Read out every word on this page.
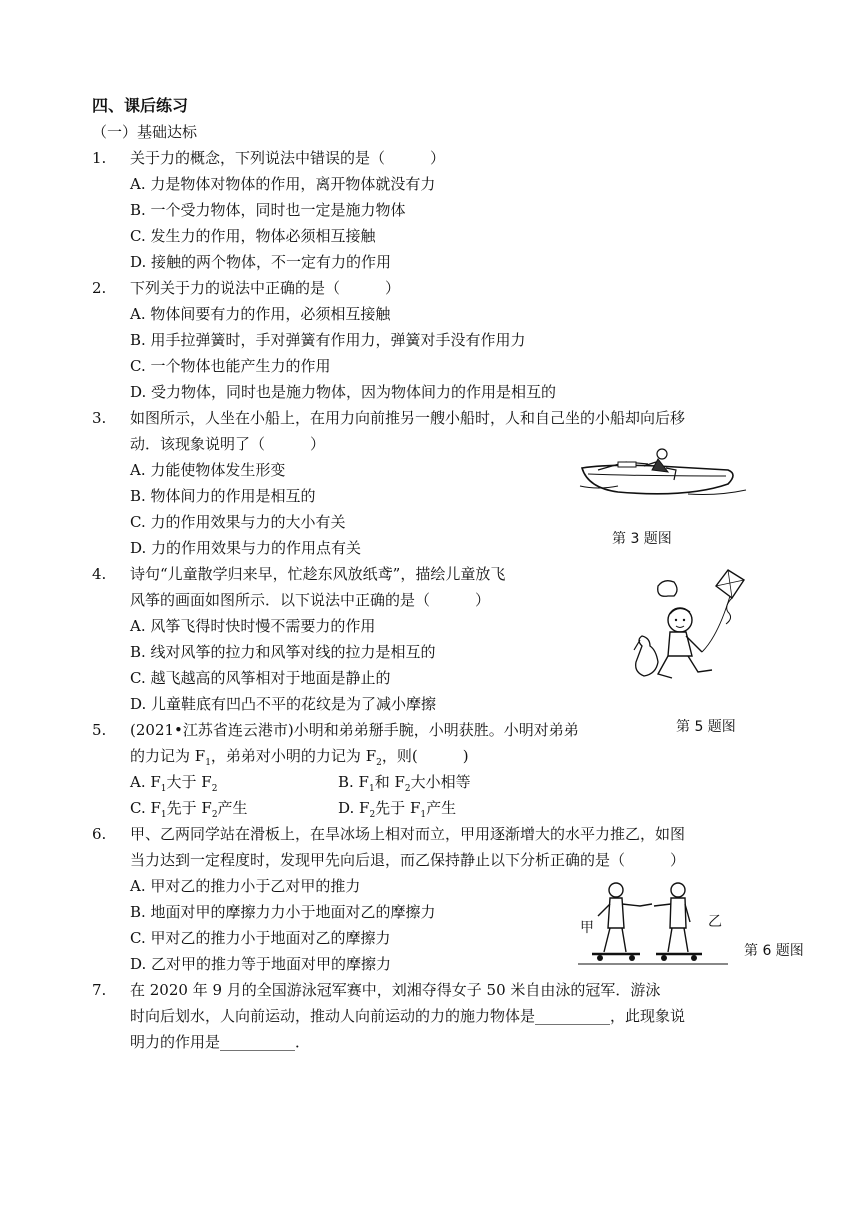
四、课后练习
（一）基础达标
1. 关于力的概念，下列说法中错误的是（　　　）
A. 力是物体对物体的作用，离开物体就没有力
B. 一个受力物体，同时也一定是施力物体
C. 发生力的作用，物体必须相互接触
D. 接触的两个物体，不一定有力的作用
2. 下列关于力的说法中正确的是（　　　）
A. 物体间要有力的作用，必须相互接触
B. 用手拉弹簧时，手对弹簧有作用力，弹簧对手没有作用力
C. 一个物体也能产生力的作用
D. 受力物体，同时也是施力物体，因为物体间力的作用是相互的
3. 如图所示，人坐在小船上，在用力向前推另一艘小船时，人和自己坐的小船却向后移
动．该现象说明了（　　　）
A. 力能使物体发生形变
B. 物体间力的作用是相互的
C. 力的作用效果与力的大小有关
D. 力的作用效果与力的作用点有关	第 3 题图
4. 诗句“儿童散学归来早，忙趁东风放纸鸢”，描绘儿童放飞
风筝的画面如图所示．以下说法中正确的是（　　　）
A. 风筝飞得时快时慢不需要力的作用
B. 线对风筝的拉力和风筝对线的拉力是相互的
C. 越飞越高的风筝相对于地面是静止的
D. 儿童鞋底有凹凸不平的花纹是为了减小摩擦
第 5 题图
5. (2021•江苏省连云港市)小明和弟弟掰手腕，小明获胜。小明对弟弟
的力记为 $F_1$，弟弟对小明的力记为 $F_2$，则(　　　)
A. $F_1$大于 $F_2$	B. $F_1$和 $F_2$大小相等
C. $F_1$先于 $F_2$产生	D. $F_2$先于 $F_1$产生
6. 甲、乙两同学站在滑板上，在旱冰场上相对而立，甲用逐渐增大的水平力推乙，如图
当力达到一定程度时，发现甲先向后退，而乙保持静止以下分析正确的是（　　　）
A. 甲对乙的推力小于乙对甲的推力
B. 地面对甲的摩擦力力小于地面对乙的摩擦力
C. 甲对乙的推力小于地面对乙的摩擦力
D. 乙对甲的推力等于地面对甲的摩擦力
甲	乙
第 6 题图
7. 在 2020 年 9 月的全国游泳冠军赛中，刘湘夺得女子 50 米自由泳的冠军．游泳
时向后划水，人向前运动，推动人向前运动的力的施力物体是__________，此现象说
明力的作用是__________．
